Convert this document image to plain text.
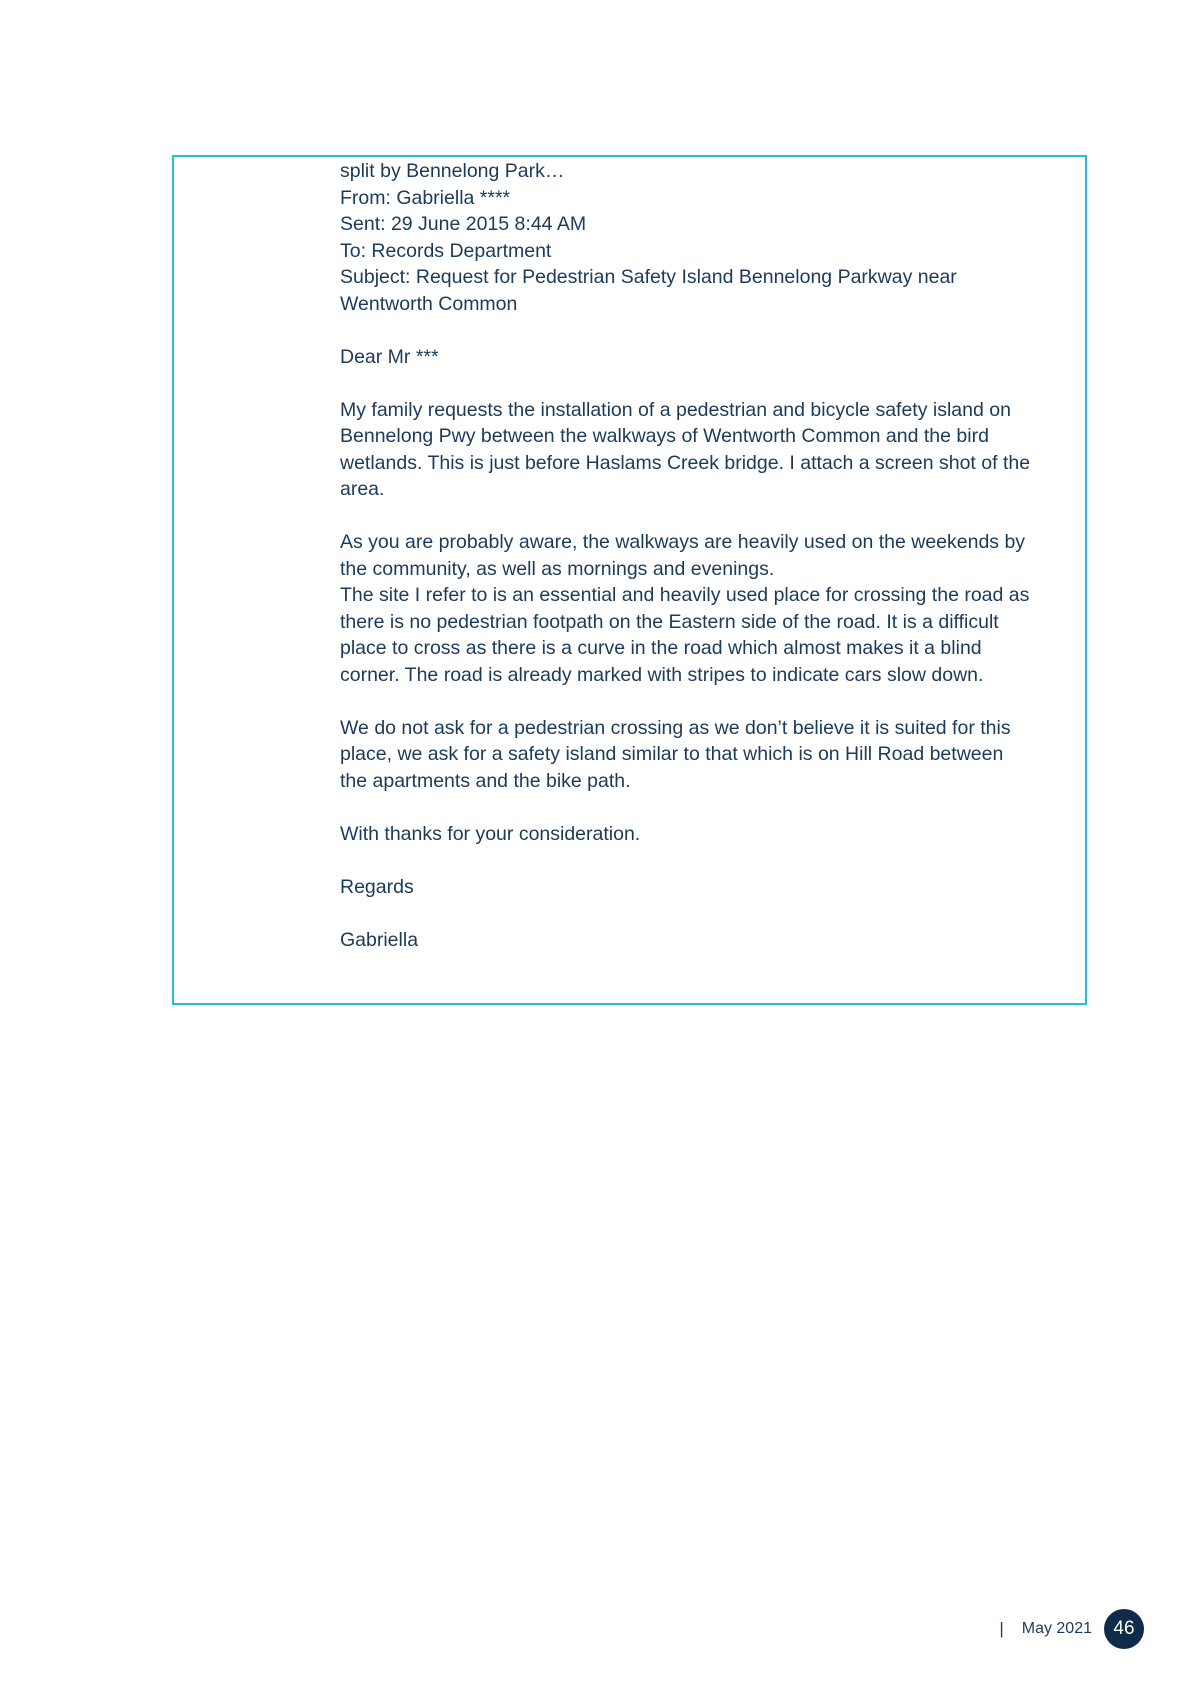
split by Bennelong Park…
From: Gabriella ****
Sent: 29 June 2015 8:44 AM
To: Records Department
Subject: Request for Pedestrian Safety Island Bennelong Parkway near
Wentworth Common
Dear Mr ***
My family requests the installation of a pedestrian and bicycle safety island on
Bennelong Pwy between the walkways of Wentworth Common and the bird
wetlands. This is just before Haslams Creek bridge. I attach a screen shot of the
area.
As you are probably aware, the walkways are heavily used on the weekends by
the community, as well as mornings and evenings.
The site I refer to is an essential and heavily used place for crossing the road as
there is no pedestrian footpath on the Eastern side of the road. It is a difficult
place to cross as there is a curve in the road which almost makes it a blind
corner. The road is already marked with stripes to indicate cars slow down.
We do not ask for a pedestrian crossing as we don’t believe it is suited for this
place, we ask for a safety island similar to that which is on Hill Road between
the apartments and the bike path.
With thanks for your consideration.
Regards
Gabriella
| May 2021	46
